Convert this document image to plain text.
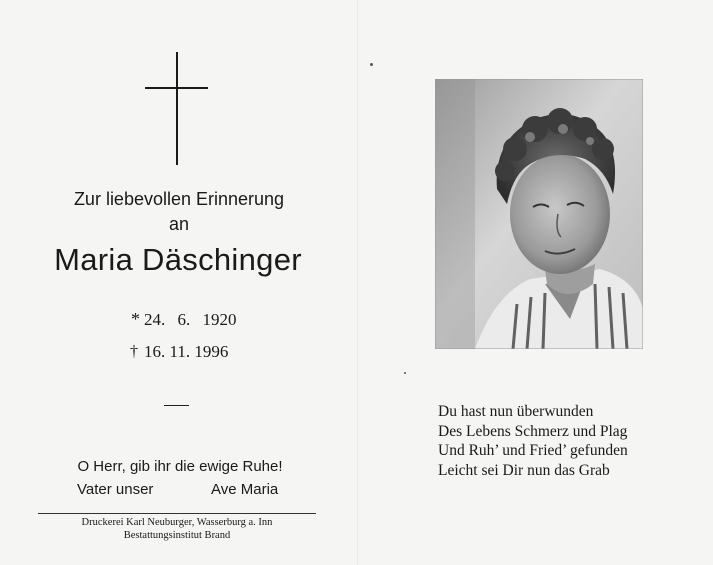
Zur liebevollen Erinnerung
an
Maria Däschinger
* 24. 6. 1920
† 16. 11. 1996
O Herr, gib ihr die ewige Ruhe!
Vater unser	Ave Maria
Druckerei Karl Neuburger, Wasserburg a. Inn
Bestattungsinstitut Brand
Du hast nun überwunden
Des Lebens Schmerz und Plag
Und Ruh’ und Fried’ gefunden
Leicht sei Dir nun das Grab
